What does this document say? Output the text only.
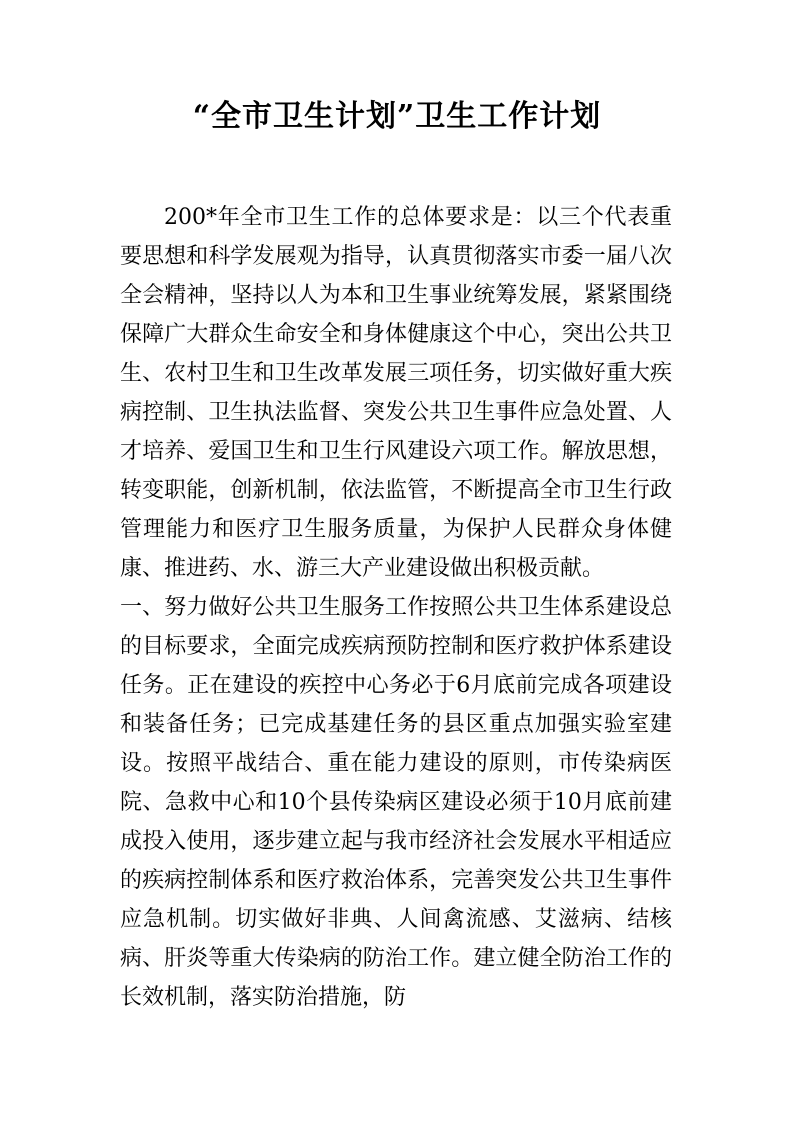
“全市卫生计划”卫生工作计划

200*年全市卫生工作的总体要求是：以三个代表重要思想和科学发展观为指导，认真贯彻落实市委一届八次全会精神，坚持以人为本和卫生事业统筹发展，紧紧围绕保障广大群众生命安全和身体健康这个中心，突出公共卫生、农村卫生和卫生改革发展三项任务，切实做好重大疾病控制、卫生执法监督、突发公共卫生事件应急处置、人才培养、爱国卫生和卫生行风建设六项工作。解放思想，转变职能，创新机制，依法监管，不断提高全市卫生行政管理能力和医疗卫生服务质量，为保护人民群众身体健康、推进药、水、游三大产业建设做出积极贡献。

一、努力做好公共卫生服务工作按照公共卫生体系建设总的目标要求，全面完成疾病预防控制和医疗救护体系建设任务。正在建设的疾控中心务必于6月底前完成各项建设和装备任务；已完成基建任务的县区重点加强实验室建设。按照平战结合、重在能力建设的原则，市传染病医院、急救中心和10个县传染病区建设必须于10月底前建成投入使用，逐步建立起与我市经济社会发展水平相适应的疾病控制体系和医疗救治体系，完善突发公共卫生事件应急机制。切实做好非典、人间禽流感、艾滋病、结核病、肝炎等重大传染病的防治工作。建立健全防治工作的长效机制，落实防治措施，防
